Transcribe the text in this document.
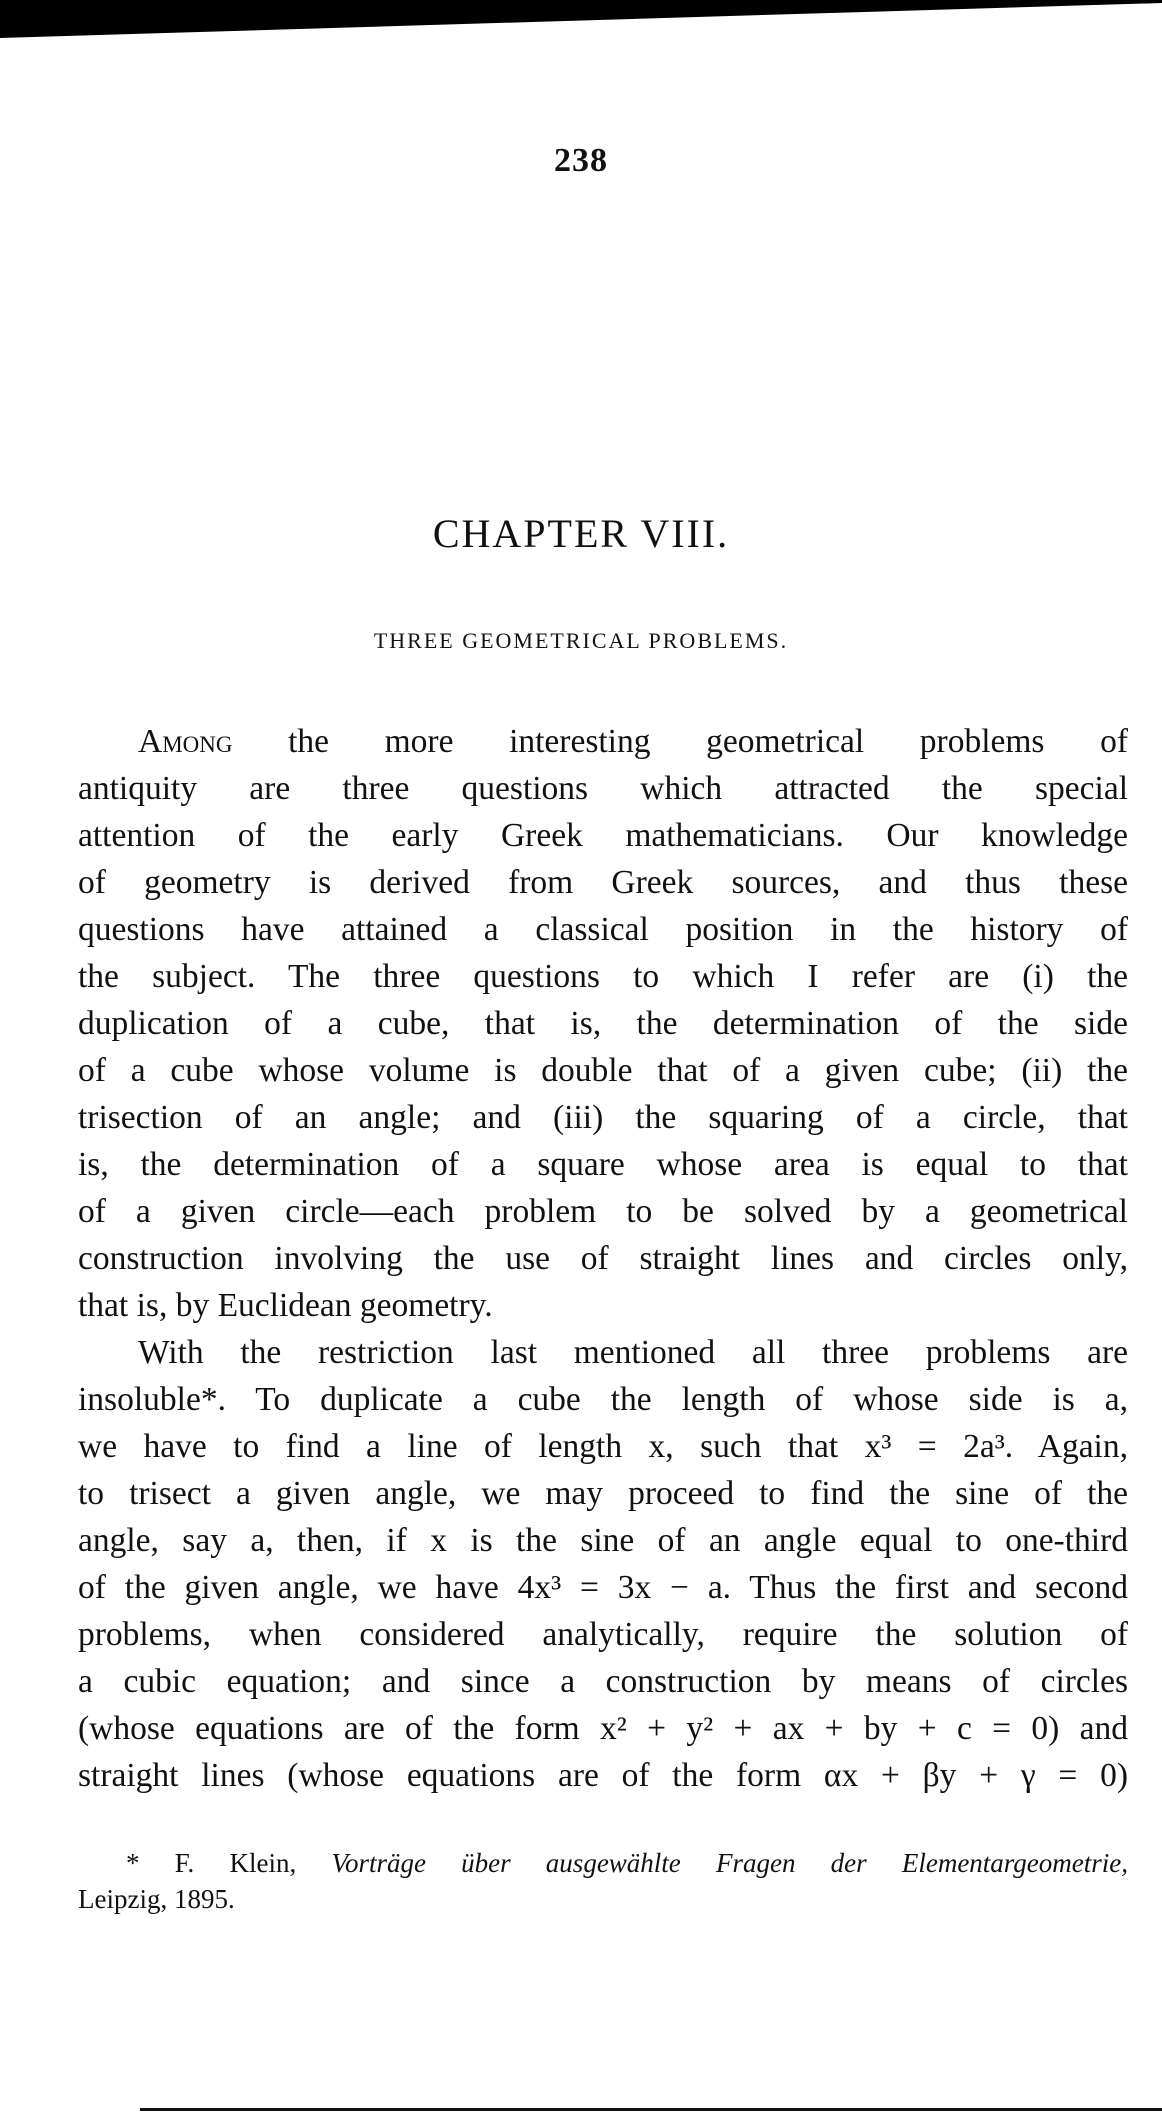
238
CHAPTER VIII.
THREE GEOMETRICAL PROBLEMS.
Among the more interesting geometrical problems of
antiquity are three questions which attracted the special
attention of the early Greek mathematicians. Our knowledge
of geometry is derived from Greek sources, and thus these
questions have attained a classical position in the history of
the subject. The three questions to which I refer are (i) the
duplication of a cube, that is, the determination of the side
of a cube whose volume is double that of a given cube; (ii) the
trisection of an angle; and (iii) the squaring of a circle, that
is, the determination of a square whose area is equal to that
of a given circle—each problem to be solved by a geometrical
construction involving the use of straight lines and circles only,
that is, by Euclidean geometry.
With the restriction last mentioned all three problems are
insoluble*. To duplicate a cube the length of whose side is a,
we have to find a line of length x, such that x³ = 2a³. Again,
to trisect a given angle, we may proceed to find the sine of the
angle, say a, then, if x is the sine of an angle equal to one-third
of the given angle, we have 4x³ = 3x − a. Thus the first and second
problems, when considered analytically, require the solution of
a cubic equation; and since a construction by means of circles
(whose equations are of the form x² + y² + ax + by + c = 0) and
straight lines (whose equations are of the form αx + βy + γ = 0)
* F. Klein, Vorträge über ausgewählte Fragen der Elementargeometrie,
Leipzig, 1895.
